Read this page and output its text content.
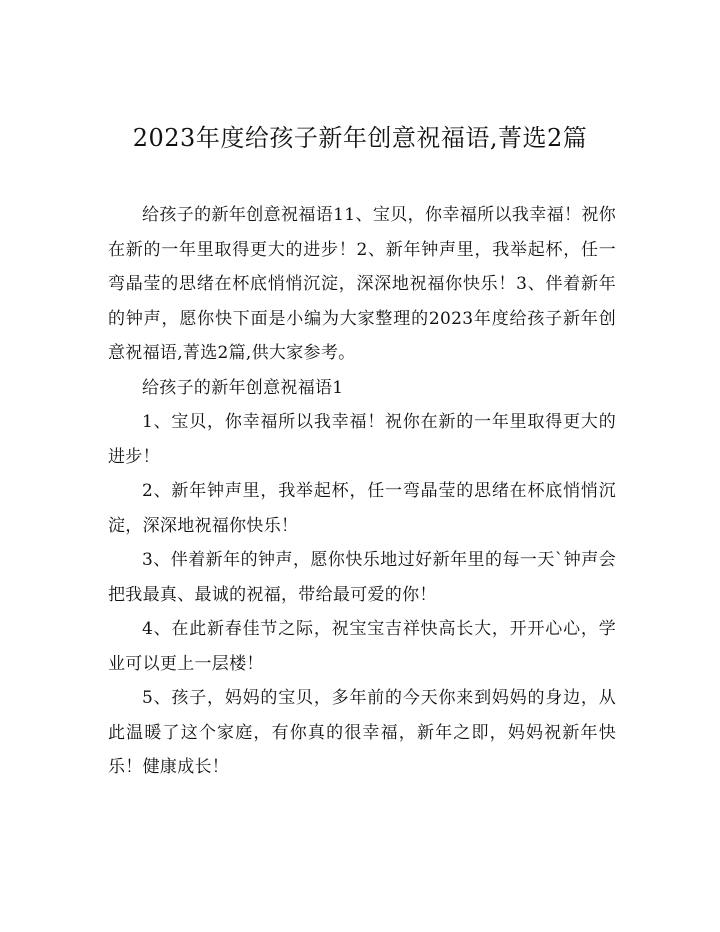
2023年度给孩子新年创意祝福语,菁选2篇

给孩子的新年创意祝福语11、宝贝，你幸福所以我幸福！祝你在新的一年里取得更大的进步！2、新年钟声里，我举起杯，任一弯晶莹的思绪在杯底悄悄沉淀，深深地祝福你快乐！3、伴着新年的钟声，愿你快下面是小编为大家整理的2023年度给孩子新年创意祝福语,菁选2篇,供大家参考。

给孩子的新年创意祝福语1

1、宝贝，你幸福所以我幸福！祝你在新的一年里取得更大的进步！

2、新年钟声里，我举起杯，任一弯晶莹的思绪在杯底悄悄沉淀，深深地祝福你快乐！

3、伴着新年的钟声，愿你快乐地过好新年里的每一天`钟声会把我最真、最诚的祝福，带给最可爱的你！

4、在此新春佳节之际，祝宝宝吉祥快高长大，开开心心，学业可以更上一层楼！

5、孩子，妈妈的宝贝，多年前的今天你来到妈妈的身边，从此温暖了这个家庭，有你真的很幸福，新年之即，妈妈祝新年快乐！健康成长！
